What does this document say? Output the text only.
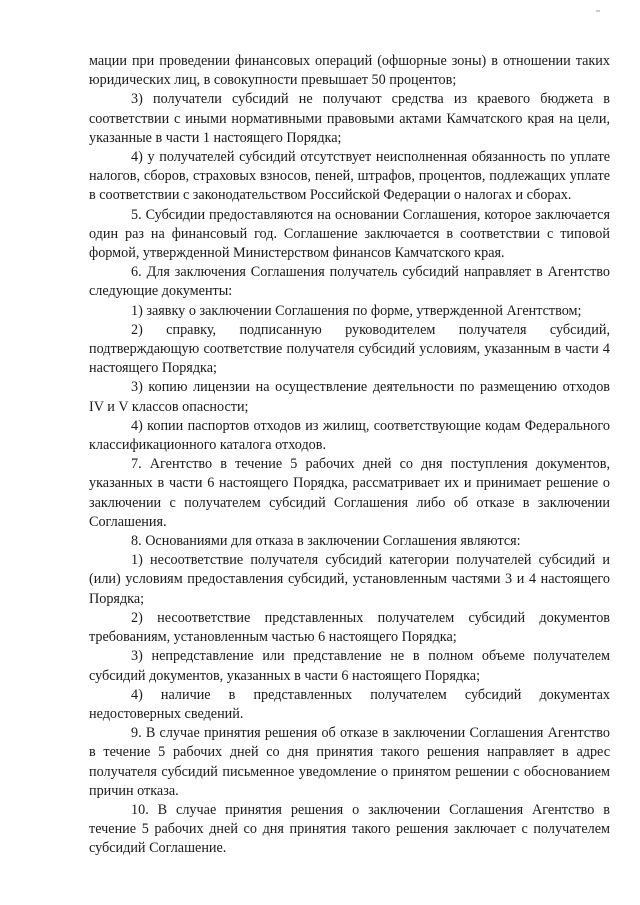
мации при проведении финансовых операций (офшорные зоны) в отношении таких юридических лиц, в совокупности превышает 50 процентов;

3) получатели субсидий не получают средства из краевого бюджета в соответствии с иными нормативными правовыми актами Камчатского края на цели, указанные в части 1 настоящего Порядка;

4) у получателей субсидий отсутствует неисполненная обязанность по уплате налогов, сборов, страховых взносов, пеней, штрафов, процентов, подлежащих уплате в соответствии с законодательством Российской Федерации о налогах и сборах.

5. Субсидии предоставляются на основании Соглашения, которое заключается один раз на финансовый год. Соглашение заключается в соответствии с типовой формой, утвержденной Министерством финансов Камчатского края.

6. Для заключения Соглашения получатель субсидий направляет в Агентство следующие документы:

1) заявку о заключении Соглашения по форме, утвержденной Агентством;

2) справку, подписанную руководителем получателя субсидий, подтверждающую соответствие получателя субсидий условиям, указанным в части 4 настоящего Порядка;

3) копию лицензии на осуществление деятельности по размещению отходов IV и V классов опасности;

4) копии паспортов отходов из жилищ, соответствующие кодам Федерального классификационного каталога отходов.

7. Агентство в течение 5 рабочих дней со дня поступления документов, указанных в части 6 настоящего Порядка, рассматривает их и принимает решение о заключении с получателем субсидий Соглашения либо об отказе в заключении Соглашения.

8. Основаниями для отказа в заключении Соглашения являются:

1) несоответствие получателя субсидий категории получателей субсидий и (или) условиям предоставления субсидий, установленным частями 3 и 4 настоящего Порядка;

2) несоответствие представленных получателем субсидий документов требованиям, установленным частью 6 настоящего Порядка;

3) непредставление или представление не в полном объеме получателем субсидий документов, указанных в части 6 настоящего Порядка;

4) наличие в представленных получателем субсидий документах недостоверных сведений.

9. В случае принятия решения об отказе в заключении Соглашения Агентство в течение 5 рабочих дней со дня принятия такого решения направляет в адрес получателя субсидий письменное уведомление о принятом решении с обоснованием причин отказа.

10. В случае принятия решения о заключении Соглашения Агентство в течение 5 рабочих дней со дня принятия такого решения заключает с получателем субсидий Соглашение.
